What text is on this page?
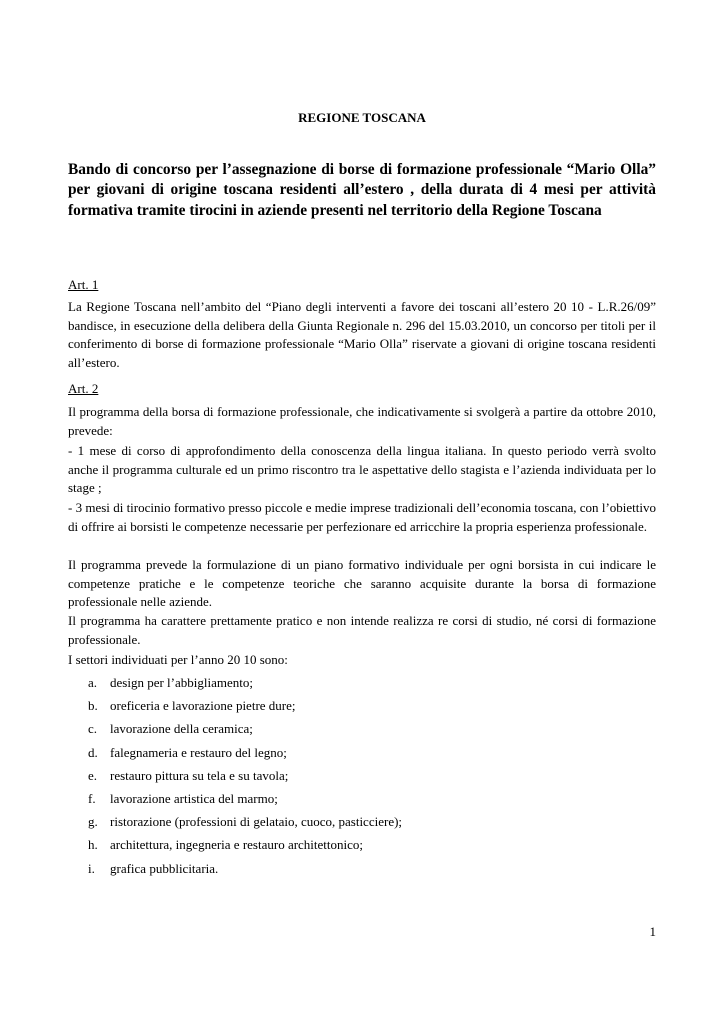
REGIONE TOSCANA
Bando di concorso per l’assegnazione di borse di formazione professionale “Mario Olla” per giovani di origine toscana residenti all’estero , della durata di 4 mesi per attività formativa tramite tirocini in aziende presenti nel territorio della Regione Toscana
Art. 1
La Regione Toscana nell’ambito del “Piano degli interventi a favore dei toscani all’estero 20 10 - L.R.26/09” bandisce, in esecuzione della delibera della Giunta Regionale n. 296 del 15.03.2010, un concorso per titoli per il conferimento di borse di formazione professionale “Mario Olla” riservate a giovani di origine toscana residenti all’estero.
Art. 2
Il programma della borsa di formazione professionale, che indicativamente si svolgerà a partire da ottobre 2010, prevede:
- 1 mese di corso di approfondimento della conoscenza della lingua italiana. In questo periodo verrà svolto anche il programma culturale ed un primo riscontro tra le aspettative dello stagista e l’azienda individuata per lo stage ;
- 3 mesi di tirocinio formativo presso piccole e medie imprese tradizionali dell’economia toscana, con l’obiettivo di offrire ai borsisti le competenze necessarie per perfezionare ed arricchire la propria esperienza professionale.
Il programma prevede la formulazione di un piano formativo individuale per ogni borsista in cui indicare le competenze pratiche e le competenze teoriche che saranno acquisite durante la borsa di formazione professionale nelle aziende.
Il programma ha carattere prettamente pratico e non intende realizza re corsi di studio, né corsi di formazione professionale.
I settori individuati per l’anno 20 10 sono:
a. design per l’abbigliamento;
b. oreficeria e lavorazione pietre dure;
c. lavorazione della ceramica;
d. falegnameria e restauro del legno;
e. restauro pittura su tela e su tavola;
f. lavorazione artistica del marmo;
g. ristorazione (professioni di gelataio, cuoco, pasticciere);
h. architettura, ingegneria e restauro architettonico;
i. grafica pubblicitaria.
1
